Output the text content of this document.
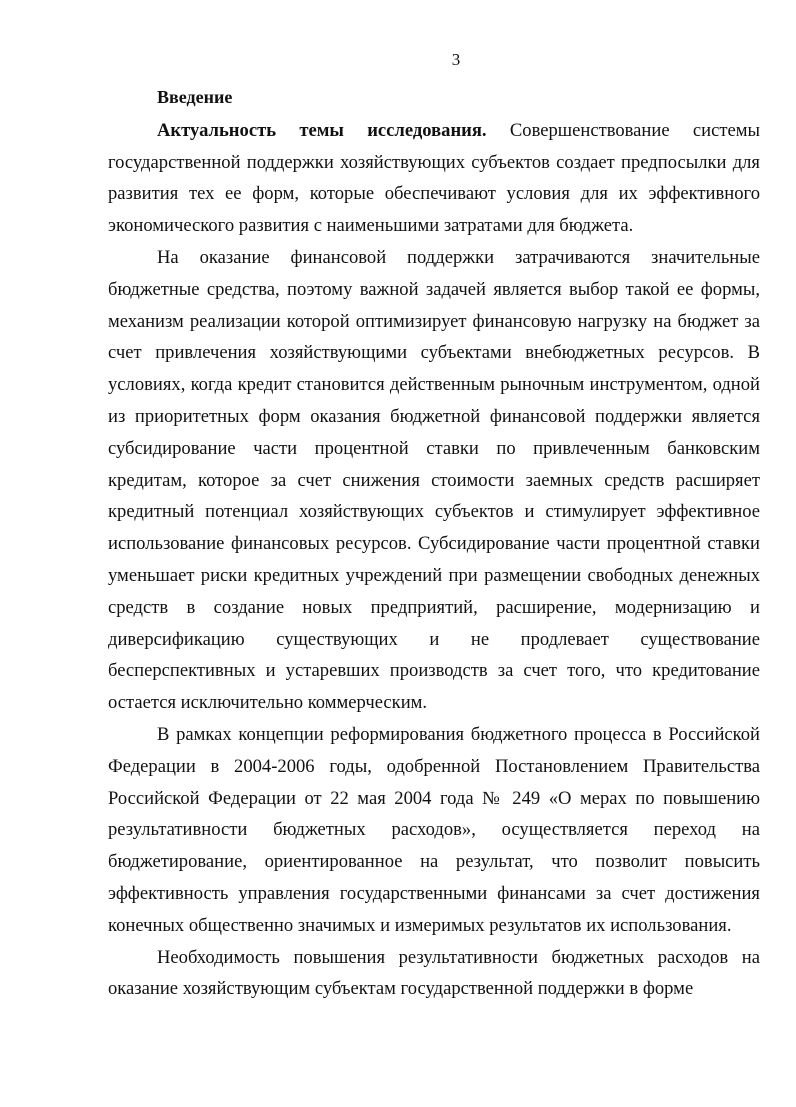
3

Введение

Актуальность темы исследования. Совершенствование системы государственной поддержки хозяйствующих субъектов создает предпосылки для развития тех ее форм, которые обеспечивают условия для их эффективного экономического развития с наименьшими затратами для бюджета.

На оказание финансовой поддержки затрачиваются значительные бюджетные средства, поэтому важной задачей является выбор такой ее формы, механизм реализации которой оптимизирует финансовую нагрузку на бюджет за счет привлечения хозяйствующими субъектами внебюджетных ресурсов. В условиях, когда кредит становится действенным рыночным инструментом, одной из приоритетных форм оказания бюджетной финансовой поддержки является субсидирование части процентной ставки по привлеченным банковским кредитам, которое за счет снижения стоимости заемных средств расширяет кредитный потенциал хозяйствующих субъектов и стимулирует эффективное использование финансовых ресурсов. Субсидирование части процентной ставки уменьшает риски кредитных учреждений при размещении свободных денежных средств в создание новых предприятий, расширение, модернизацию и диверсификацию существующих и не продлевает существование бесперспективных и устаревших производств за счет того, что кредитование остается исключительно коммерческим.

В рамках концепции реформирования бюджетного процесса в Российской Федерации в 2004-2006 годы, одобренной Постановлением Правительства Российской Федерации от 22 мая 2004 года № 249 «О мерах по повышению результативности бюджетных расходов», осуществляется переход на бюджетирование, ориентированное на результат, что позволит повысить эффективность управления государственными финансами за счет достижения конечных общественно значимых и измеримых результатов их использования.

Необходимость повышения результативности бюджетных расходов на оказание хозяйствующим субъектам государственной поддержки в форме
